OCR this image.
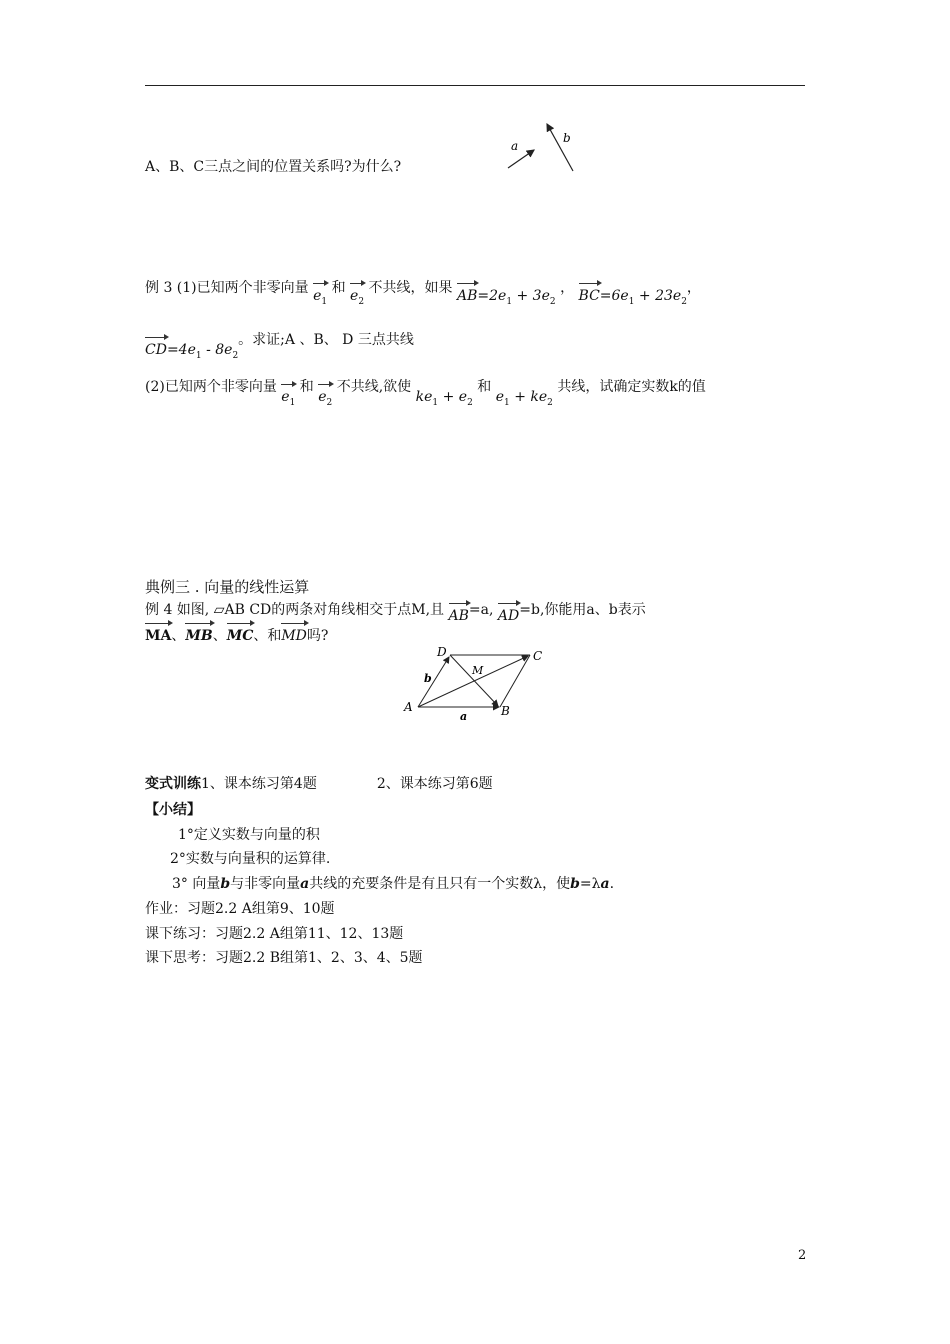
A、B、C三点之间的位置关系吗?为什么?
a
b
例 3 (1)已知两个非零向量 $e_1$ 和 $e_2$ 不共线，如果 $AB=2e_1 + 3e_2$ ， $BC=6e_1 + 23e_2$，
$CD=4e_1 - 8e_2$。求证;A 、B、 D 三点共线
(2)已知两个非零向量 $e_1$ 和 $e_2$ 不共线,欲使 $ke_1 + e_2$ 和 $e_1 + ke_2$ 共线，试确定实数k的值
典例三 . 向量的线性运算
例 4 如图, ▱AB CD的两条对角线相交于点M,且 AB=a, AD=b,你能用a、b表示
MA、MB、MC、和MD吗?
A	B
C
D
M
a
b
变式训练1、课本练习第4题	2、课本练习第6题
【小结】
1°定义实数与向量的积
2°实数与向量积的运算律.
3° 向量b与非零向量a共线的充要条件是有且只有一个实数λ，使b=λa.
作业：习题2.2 A组第9、10题
课下练习：习题2.2 A组第11、12、13题
课下思考：习题2.2 B组第1、2、3、4、5题
2
